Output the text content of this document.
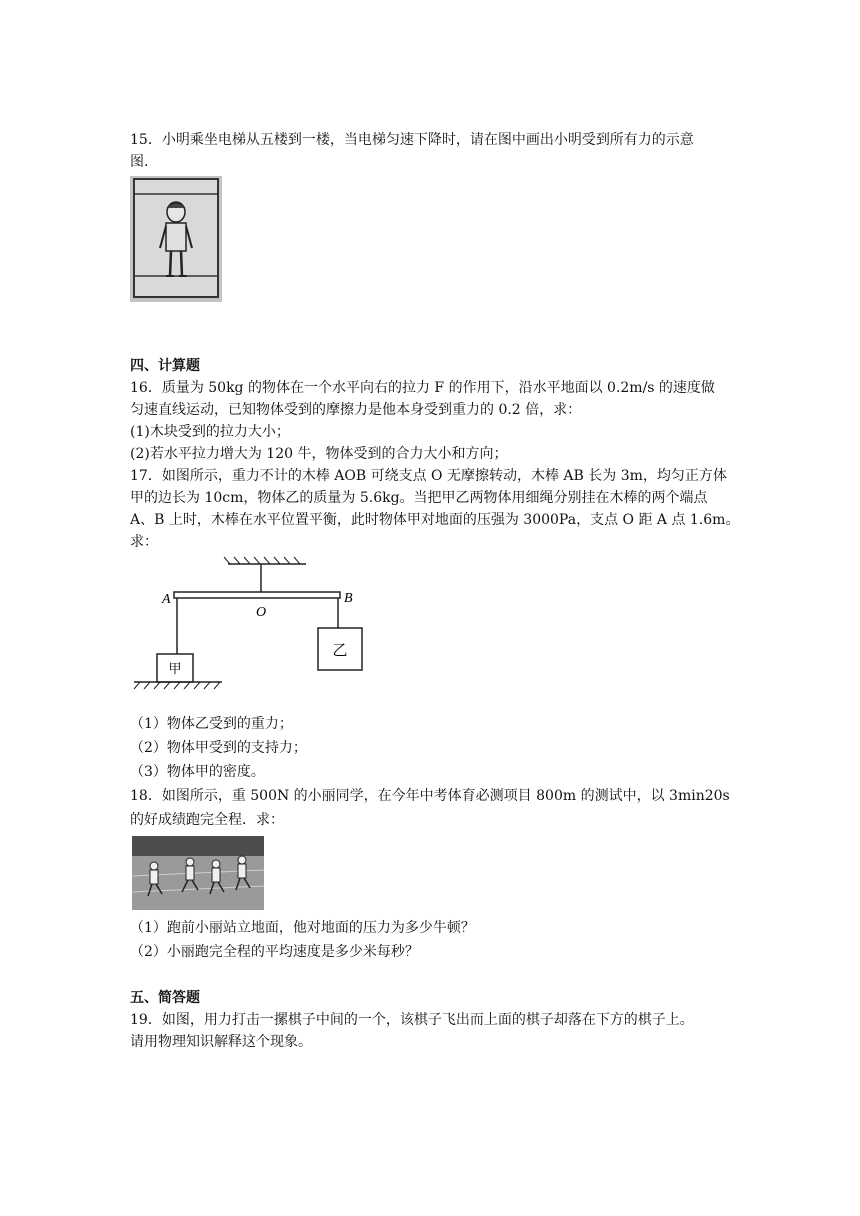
15．小明乘坐电梯从五楼到一楼，当电梯匀速下降时，请在图中画出小明受到所有力的示意
图.
四、计算题
16．质量为 50kg 的物体在一个水平向右的拉力 F 的作用下，沿水平地面以 0.2m/s 的速度做
匀速直线运动，已知物体受到的摩擦力是他本身受到重力的 0.2 倍，求：
(1)木块受到的拉力大小；
(2)若水平拉力增大为 120 牛，物体受到的合力大小和方向；
17．如图所示，重力不计的木棒 AOB 可绕支点 O 无摩擦转动，木棒 AB 长为 3m，均匀正方体
甲的边长为 10cm，物体乙的质量为 5.6kg。当把甲乙两物体用细绳分别挂在木棒的两个端点
A、B 上时，木棒在水平位置平衡，此时物体甲对地面的压强为 3000Pa，支点 O 距 A 点 1.6m。
求：
甲
乙
A	B
O
（1）物体乙受到的重力；
（2）物体甲受到的支持力；
（3）物体甲的密度。
18．如图所示，重 500N 的小丽同学，在今年中考体育必测项目 800m 的测试中，以 3min20s
的好成绩跑完全程．求：
（1）跑前小丽站立地面，他对地面的压力为多少牛顿？
（2）小丽跑完全程的平均速度是多少米每秒？
五、简答题
19．如图，用力打击一摞棋子中间的一个，该棋子飞出而上面的棋子却落在下方的棋子上。
请用物理知识解释这个现象。
